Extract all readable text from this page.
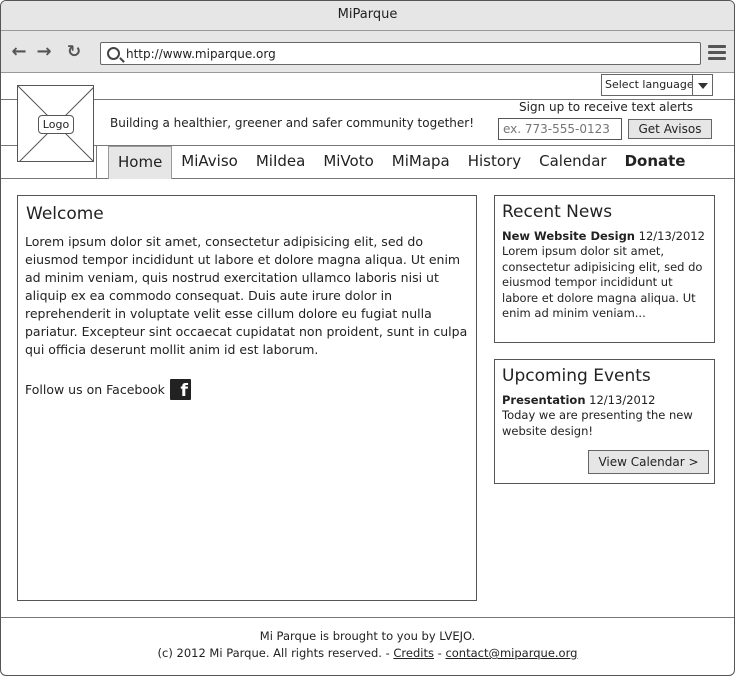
MiParque
← → ↻
http://www.miparque.org
Select language
Logo	Building a healthier, greener and safer community together!
Sign up to receive text alerts
ex. 773-555-0123
Get Avisos
Home	MiAviso	MiIdea	MiVoto	MiMapa	History	Calendar	Donate
Welcome

Lorem ipsum dolor sit amet, consectetur adipisicing elit, sed do eiusmod tempor incididunt ut labore et dolore magna aliqua. Ut enim ad minim veniam, quis nostrud exercitation ullamco laboris nisi ut aliquip ex ea commodo consequat. Duis aute irure dolor in reprehenderit in voluptate velit esse cillum dolore eu fugiat nulla pariatur. Excepteur sint occaecat cupidatat non proident, sunt in culpa qui officia deserunt mollit anim id est laborum.

Follow us on Facebook f
Recent News
New Website Design 12/13/2012
Lorem ipsum dolor sit amet, consectetur adipisicing elit, sed do eiusmod tempor incididunt ut labore et dolore magna aliqua. Ut enim ad minim veniam...
Upcoming Events
Presentation 12/13/2012
Today we are presenting the new website design!
View Calendar >
Mi Parque is brought to you by LVEJO.
(c) 2012 Mi Parque. All rights reserved. - Credits - contact@miparque.org
